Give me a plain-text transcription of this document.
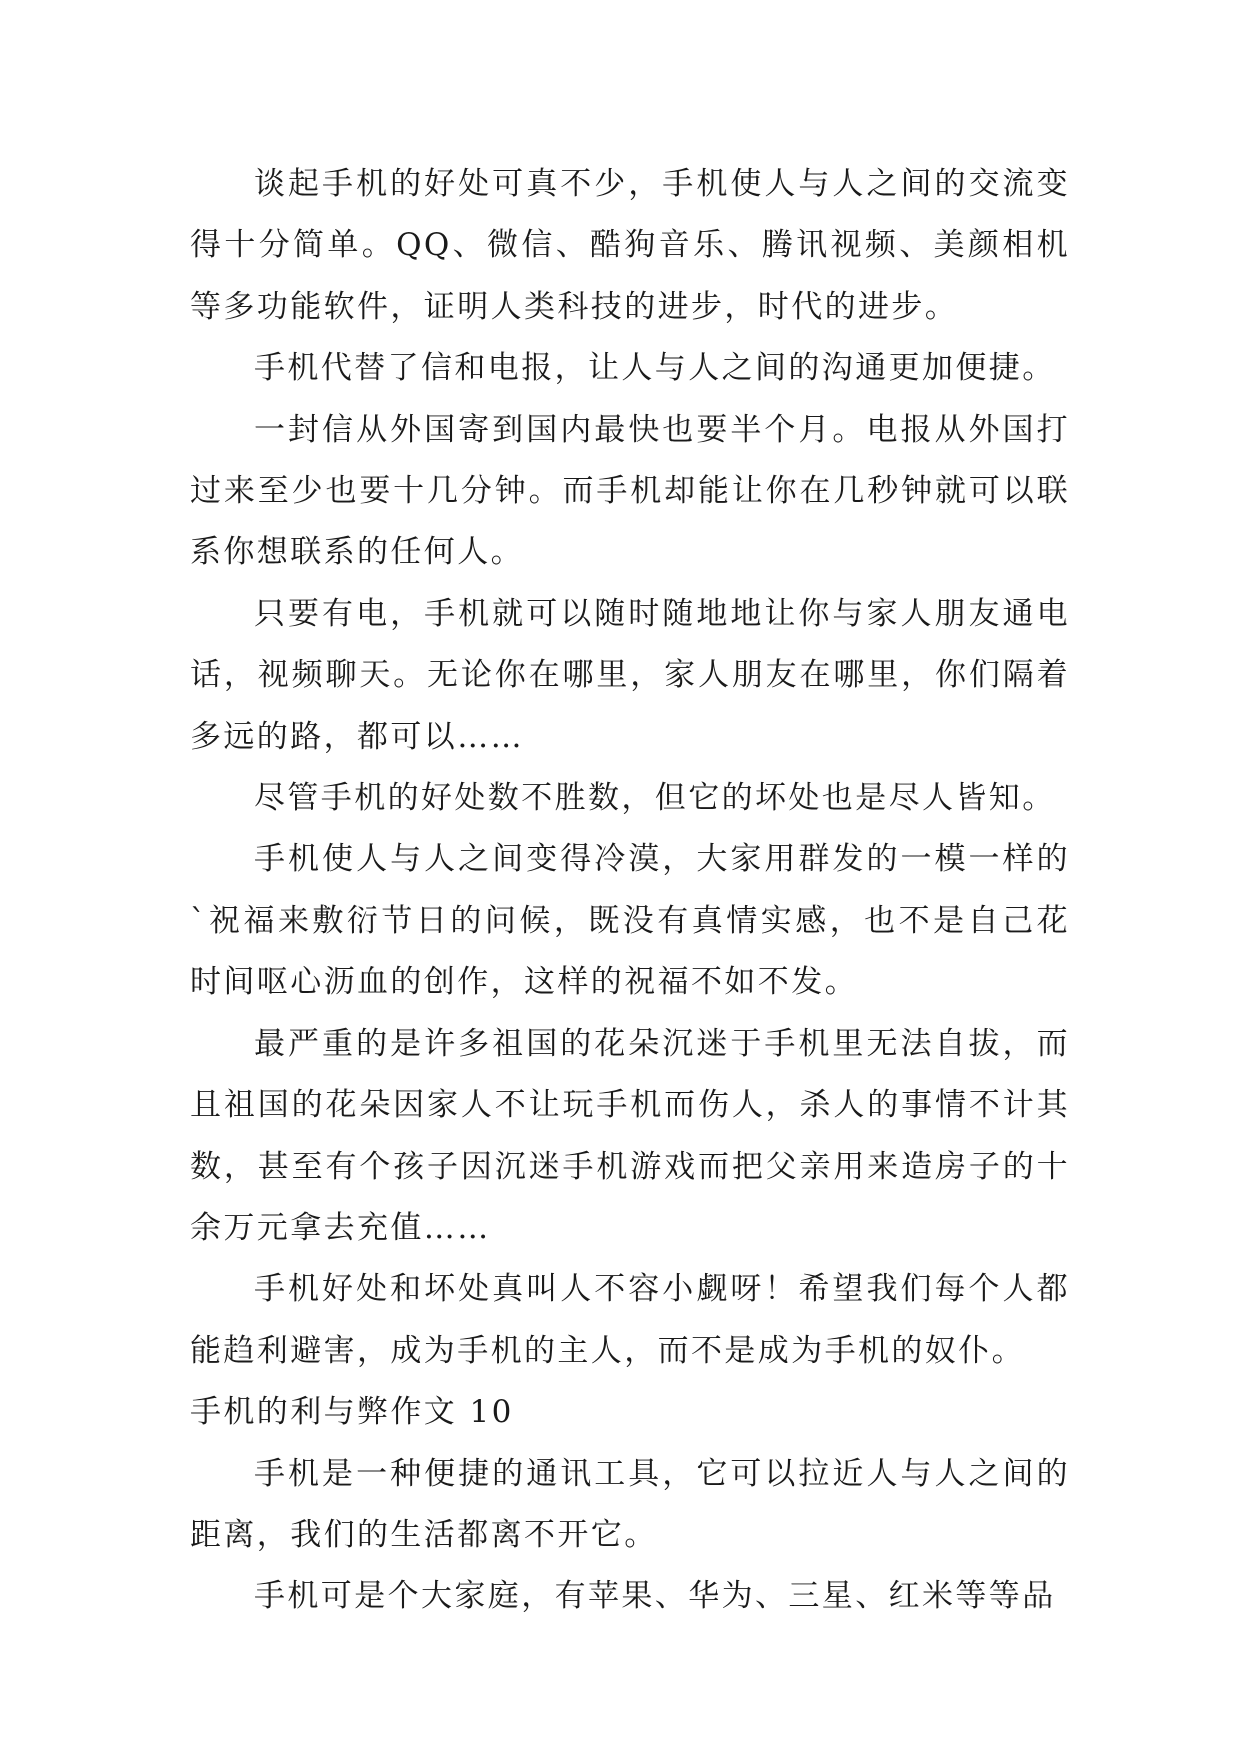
谈起手机的好处可真不少，手机使人与人之间的交流变得十分简单。QQ、微信、酷狗音乐、腾讯视频、美颜相机等多功能软件，证明人类科技的进步，时代的进步。

手机代替了信和电报，让人与人之间的沟通更加便捷。

一封信从外国寄到国内最快也要半个月。电报从外国打过来至少也要十几分钟。而手机却能让你在几秒钟就可以联系你想联系的任何人。

只要有电，手机就可以随时随地地让你与家人朋友通电话，视频聊天。无论你在哪里，家人朋友在哪里，你们隔着多远的路，都可以……

尽管手机的好处数不胜数，但它的坏处也是尽人皆知。

手机使人与人之间变得冷漠，大家用群发的一模一样的`祝福来敷衍节日的问候，既没有真情实感，也不是自己花时间呕心沥血的创作，这样的祝福不如不发。

最严重的是许多祖国的花朵沉迷于手机里无法自拔，而且祖国的花朵因家人不让玩手机而伤人，杀人的事情不计其数，甚至有个孩子因沉迷手机游戏而把父亲用来造房子的十余万元拿去充值……

手机好处和坏处真叫人不容小觑呀！希望我们每个人都能趋利避害，成为手机的主人，而不是成为手机的奴仆。

手机的利与弊作文 10

手机是一种便捷的通讯工具，它可以拉近人与人之间的距离，我们的生活都离不开它。

手机可是个大家庭，有苹果、华为、三星、红米等等品
